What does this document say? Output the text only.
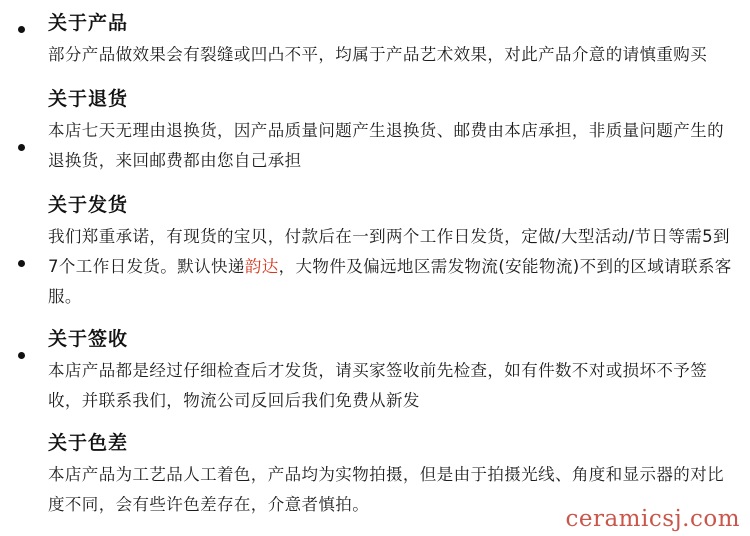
关于产品
部分产品做效果会有裂缝或凹凸不平，均属于产品艺术效果，对此产品介意的请慎重购买
关于退货
本店七天无理由退换货，因产品质量问题产生退换货、邮费由本店承担，非质量问题产生的退换货，来回邮费都由您自己承担
关于发货
我们郑重承诺，有现货的宝贝，付款后在一到两个工作日发货，定做/大型活动/节日等需5到7个工作日发货。默认快递韵达，大物件及偏远地区需发物流(安能物流)不到的区域请联系客服。
关于签收
本店产品都是经过仔细检查后才发货，请买家签收前先检查，如有件数不对或损坏不予签收，并联系我们，物流公司反回后我们免费从新发
关于色差
本店产品为工艺品人工着色，产品均为实物拍摄，但是由于拍摄光线、角度和显示器的对比度不同，会有些许色差存在，介意者慎拍。
ceramicsj.com
